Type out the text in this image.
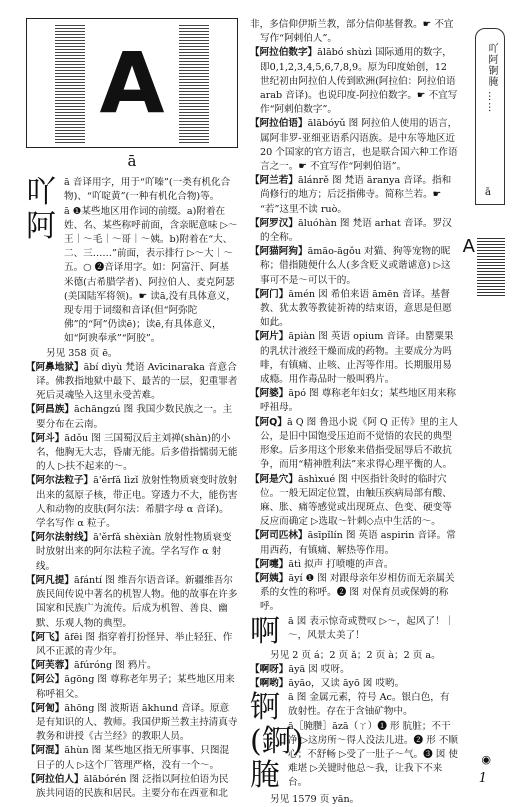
A
ā
吖
阿
ā 音译用字，用于“吖嗪”(一类有机化合物)、“吖啶黄”(一种有机化合物)等。
ā ❶某些地区用作词的前缀。a)附着在姓、名、某些称呼前面，含亲昵意味 ▷～王｜～毛｜～哥｜～姨。b)附着在“大、二、三……”前面，表示排行 ▷～大｜～五。○ ❷音译用字。如：阿富汗、阿基米德(古希腊学者)、阿拉伯人、麦克阿瑟(美国陆军将领)。☛ 读ā,没有具体意义，现专用于词缀和音译(但“阿弥陀佛”的“阿”仍读ē)；读ē,有具体意义，如“阿谀奉承”“阿胶”。

另见 358 页 ē。

【阿鼻地狱】ābí dìyù 梵语 Avīcinaraka 音意合译。佛教指地狱中最下、最苦的一层，犯重罪者死后灵魂坠入这里永受苦难。

【阿昌族】āchāngzú 图 我国少数民族之一。主要分布在云南。

【阿斗】ādǒu 图 三国蜀汉后主刘禅(shàn)的小名，他胸无大志，昏庸无能。后多借指懦弱无能的人 ▷扶不起来的～。

【阿尔法粒子】ā'ěrfǎ lìzǐ 放射性物质衰变时放射出来的氦原子核，带正电。穿透力不大，能伤害人和动物的皮肤(阿尔法：希腊字母 α 音译)。学名写作 α 粒子。

【阿尔法射线】ā'ěrfǎ shèxiàn 放射性物质衰变时放射出来的阿尔法粒子流。学名写作 α 射线。

【阿凡提】āfántí 图 维吾尔语音译。新疆维吾尔族民间传说中著名的机智人物。他的故事在许多国家和民族广为流传。后成为机智、善良、幽默、乐观人物的典型。

【阿飞】āfēi 图 指穿着打扮怪异、举止轻狂、作风不正派的青少年。

【阿芙蓉】āfúróng 图 鸦片。

【阿公】āgōng 图 尊称老年男子；某些地区用来称呼祖父。

【阿訇】āhōng 图 波斯语 ākhund 音译。原意是有知识的人、教师。我国伊斯兰教主持清真寺教务和讲授《古兰经》的教职人员。

【阿混】āhùn 图 某些地区指无所事事、只图混日子的人 ▷这个厂管理严格，没有一个～。

【阿拉伯人】ālābórén 图 泛指以阿拉伯语为民族共同语的民族和居民。主要分布在西亚和北

非，多信仰伊斯兰教，部分信仰基督教。☛ 不宜写作“阿剌伯人”。

【阿拉伯数字】ālābó shùzì 国际通用的数字，即0,1,2,3,4,5,6,7,8,9。原为印度始创，12 世纪初由阿拉伯人传到欧洲(阿拉伯：阿拉伯语 arab 音译)。也说印度-阿拉伯数字。☛ 不宜写作“阿剌伯数字”。

【阿拉伯语】ālābóyǔ 图 阿拉伯人使用的语言，属阿非罗-亚细亚语系闪语族。是中东等地区近 20 个国家的官方语言，也是联合国六种工作语言之一。☛ 不宜写作“阿剌伯语”。

【阿兰若】ālánrě 图 梵语 āranya 音译。指和尚修行的地方；后泛指佛寺。简称兰若。☛ “若”这里不读 ruò。

【阿罗汉】āluóhàn 图 梵语 arhat 音译。罗汉的全称。

【阿猫阿狗】āmāo-āgǒu 对猫、狗等宠物的昵称；借指随便什么人(多含贬义或谐谑意) ▷这事可不是～可以干的。

【阿门】āmén 図 希伯来语 āmēn 音译。基督教、犹太教等教徒祈祷的结束语，意思是但愿如此。

【阿片】āpiàn 图 英语 opium 音译。由罂粟果的乳状汁液经干燥而成的药物。主要成分为吗啡，有镇痛、止咳、止泻等作用。长期服用易成瘾。用作毒品时一般叫鸦片。

【阿婆】āpó 图 尊称老年妇女；某些地区用来称呼祖母。

【阿Q】ā Q 图 鲁迅小说《阿 Q 正传》里的主人公，是旧中国饱受压迫而不觉悟的农民的典型形象。后多用这个形象来借指受屈辱后不敢抗争，而用“精神胜利法”来求得心理平衡的人。

【阿是穴】āshìxué 图 中医指针灸时的临时穴位。一般无固定位置，由触压疾病局部有酸、麻、胀、痛等感觉或出现斑点、色变、硬变等反应而确定 ▷选取～针刺◇点中生活的～。

【阿司匹林】āsīpǐlín 图 英语 aspirin 音译。常用西药，有镇痛、解热等作用。

【阿嚏】ātì 拟声 打喷嚏的声音。

【阿姨】āyí ❶ 图 对跟母亲年岁相仿而无亲属关系的女性的称呼。❷ 图 对保育员或保姆的称呼。

啊 ā 図 表示惊奇或赞叹 ▷～，起风了！｜～，风景太美了！

另见 2 页 á；2 页 ǎ；2 页 à；2 页 a。

【啊呀】āyā 図 哎呀。

【啊哟】āyāo，又读 āyō 図 哎哟。

锕(錒)
腌
ā 图 金属元素，符号 Ac。银白色，有放射性。存在于含铀矿物中。
ā［腌臜］āzā（ㄚ）❶ 形 肮脏；不干净 ▷这房所～得人没法儿进。❷ 形 不顺心；不舒畅 ▷受了一肚子～气。❸ 図 使难堪 ▷关键时他总～我，让我下不来台。

另见 1579 页 yān。

吖阿锕腌 ……
ā
A
◉
1
